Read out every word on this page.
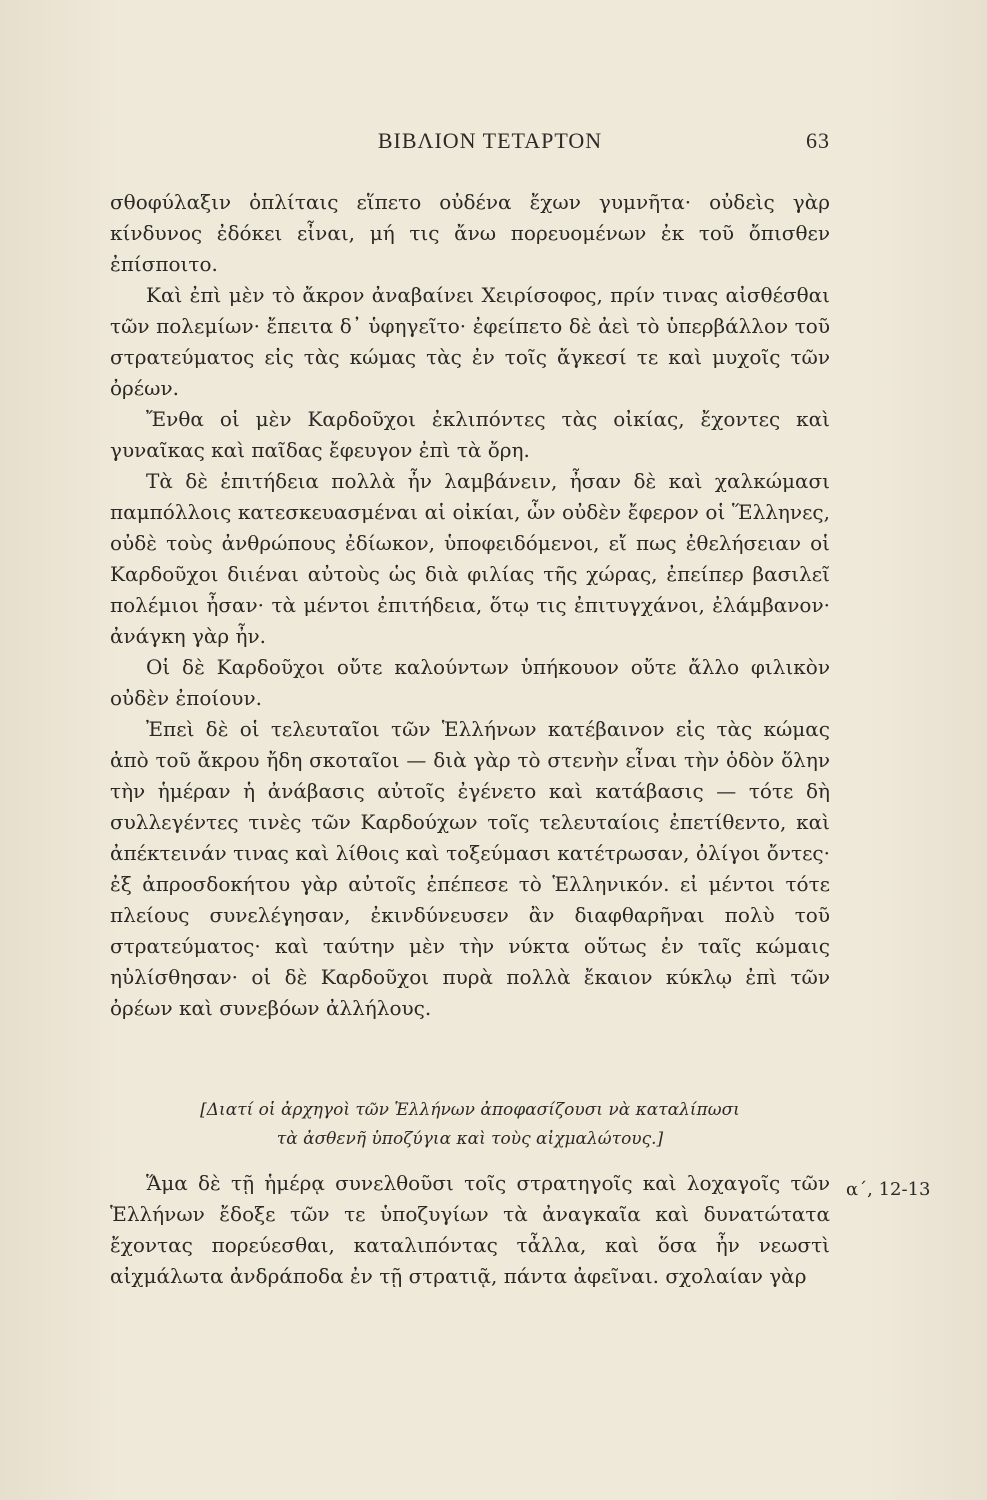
ΒΙΒΛΙΟΝ ΤΕΤΑΡΤΟΝ	63

σθοφύλαξιν ὁπλίταις εἵπετο οὐδένα ἔχων γυμνῆτα· οὐδεὶς γὰρ κίνδυνος ἐδόκει εἶναι, μή τις ἄνω πορευομένων ἐκ τοῦ ὄπισθεν ἐπίσποιτο.

Καὶ ἐπὶ μὲν τὸ ἄκρον ἀναβαίνει Χειρίσοφος, πρίν τινας αἰσθέσθαι τῶν πολεμίων· ἔπειτα δ᾽ ὑφηγεῖτο· ἐφείπετο δὲ ἀεὶ τὸ ὑπερβάλλον τοῦ στρατεύματος εἰς τὰς κώμας τὰς ἐν τοῖς ἄγκεσί τε καὶ μυχοῖς τῶν ὀρέων.

Ἔνθα οἱ μὲν Καρδοῦχοι ἐκλιπόντες τὰς οἰκίας, ἔχοντες καὶ γυναῖκας καὶ παῖδας ἔφευγον ἐπὶ τὰ ὄρη.

Τὰ δὲ ἐπιτήδεια πολλὰ ἦν λαμβάνειν, ἦσαν δὲ καὶ χαλκώμασι παμπόλλοις κατεσκευασμέναι αἱ οἰκίαι, ὧν οὐδὲν ἔφερον οἱ Ἕλληνες, οὐδὲ τοὺς ἀνθρώπους ἐδίωκον, ὑποφειδόμενοι, εἴ πως ἐθελήσειαν οἱ Καρδοῦχοι διιέναι αὐτοὺς ὡς διὰ φιλίας τῆς χώρας, ἐπείπερ βασιλεῖ πολέμιοι ἦσαν· τὰ μέντοι ἐπιτήδεια, ὅτῳ τις ἐπιτυγχάνοι, ἐλάμβανον· ἀνάγκη γὰρ ἦν.

Οἱ δὲ Καρδοῦχοι οὔτε καλούντων ὑπήκουον οὔτε ἄλλο φιλικὸν οὐδὲν ἐποίουν.

Ἐπεὶ δὲ οἱ τελευταῖοι τῶν Ἑλλήνων κατέβαινον εἰς τὰς κώμας ἀπὸ τοῦ ἄκρου ἤδη σκοταῖοι — διὰ γὰρ τὸ στενὴν εἶναι τὴν ὁδὸν ὅλην τὴν ἡμέραν ἡ ἀνάβασις αὐτοῖς ἐγένετο καὶ κατάβασις — τότε δὴ συλλεγέντες τινὲς τῶν Καρδούχων τοῖς τελευταίοις ἐπετίθεντο, καὶ ἀπέκτεινάν τινας καὶ λίθοις καὶ τοξεύμασι κατέτρωσαν, ὀλίγοι ὄντες· ἐξ ἀπροσδοκήτου γὰρ αὐτοῖς ἐπέπεσε τὸ Ἑλληνικόν. εἰ μέντοι τότε πλείους συνελέγησαν, ἐκινδύνευσεν ἂν διαφθαρῆναι πολὺ τοῦ στρατεύματος· καὶ ταύτην μὲν τὴν νύκτα οὕτως ἐν ταῖς κώμαις ηὐλίσθησαν· οἱ δὲ Καρδοῦχοι πυρὰ πολλὰ ἔκαιον κύκλῳ ἐπὶ τῶν ὀρέων καὶ συνεβόων ἀλλήλους.

[Διατί οἱ ἀρχηγοὶ τῶν Ἑλλήνων ἀποφασίζουσι νὰ καταλίπωσι
τὰ ἀσθενῆ ὑποζύγια καὶ τοὺς αἰχμαλώτους.]

Ἅμα δὲ τῇ ἡμέρᾳ συνελθοῦσι τοῖς στρατηγοῖς καὶ λοχαγοῖς τῶν Ἑλλήνων ἔδοξε τῶν τε ὑποζυγίων τὰ ἀναγκαῖα καὶ δυνατώτατα ἔχοντας πορεύεσθαι, καταλιπόντας τἆλλα, καὶ ὅσα ἦν νεωστὶ αἰχμάλωτα ἀνδράποδα ἐν τῇ στρατιᾷ, πάντα ἀφεῖναι. σχολαίαν γὰρ

α΄, 12-13
